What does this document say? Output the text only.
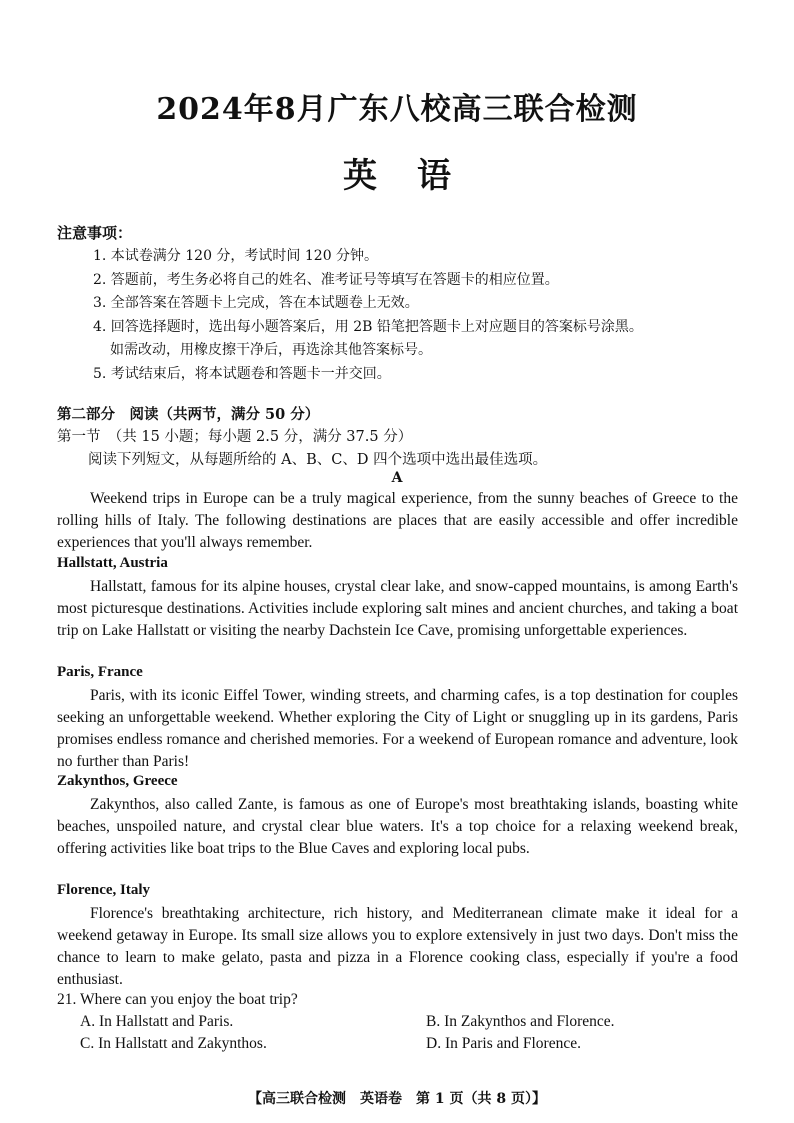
2024年8月广东八校高三联合检测
英语
注意事项：
1. 本试卷满分 120 分，考试时间 120 分钟。
2. 答题前，考生务必将自己的姓名、准考证号等填写在答题卡的相应位置。
3. 全部答案在答题卡上完成，答在本试题卷上无效。
4. 回答选择题时，选出每小题答案后，用 2B 铅笔把答题卡上对应题目的答案标号涂黑。
如需改动，用橡皮擦干净后，再选涂其他答案标号。
5. 考试结束后，将本试题卷和答题卡一并交回。
第二部分　阅读（共两节，满分 50 分）
第一节　（共 15 小题；每小题 2.5 分，满分 37.5 分）
阅读下列短文，从每题所给的 A、B、C、D 四个选项中选出最佳选项。
A
Weekend trips in Europe can be a truly magical experience, from the sunny beaches of Greece to the rolling hills of Italy. The following destinations are places that are easily accessible and offer incredible experiences that you'll always remember.
Hallstatt, Austria
Hallstatt, famous for its alpine houses, crystal clear lake, and snow-capped mountains, is among Earth's most picturesque destinations. Activities include exploring salt mines and ancient churches, and taking a boat trip on Lake Hallstatt or visiting the nearby Dachstein Ice Cave, promising unforgettable experiences.
Paris, France
Paris, with its iconic Eiffel Tower, winding streets, and charming cafes, is a top destination for couples seeking an unforgettable weekend. Whether exploring the City of Light or snuggling up in its gardens, Paris promises endless romance and cherished memories. For a weekend of European romance and adventure, look no further than Paris!
Zakynthos, Greece
Zakynthos, also called Zante, is famous as one of Europe's most breathtaking islands, boasting white beaches, unspoiled nature, and crystal clear blue waters. It's a top choice for a relaxing weekend break, offering activities like boat trips to the Blue Caves and exploring local pubs.
Florence, Italy
Florence's breathtaking architecture, rich history, and Mediterranean climate make it ideal for a weekend getaway in Europe. Its small size allows you to explore extensively in just two days. Don't miss the chance to learn to make gelato, pasta and pizza in a Florence cooking class, especially if you're a food enthusiast.
21. Where can you enjoy the boat trip?
A. In Hallstatt and Paris.	B. In Zakynthos and Florence.
C. In Hallstatt and Zakynthos.	D. In Paris and Florence.
【高三联合检测　英语卷　第 1 页（共 8 页）】
